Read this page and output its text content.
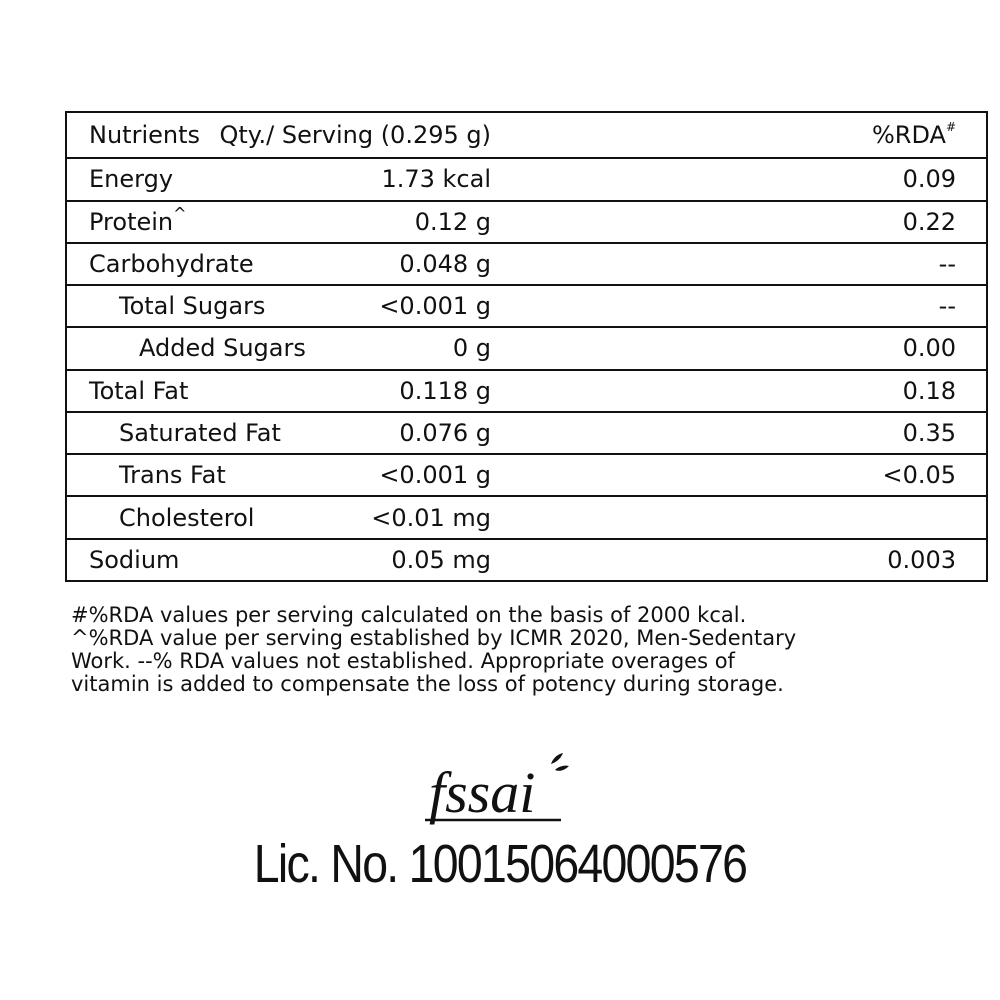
Nutrients	Qty./ Serving (0.295 g)	%RDA#
Energy	1.73 kcal	0.09
Protein^	0.12 g	0.22
Carbohydrate	0.048 g	--
Total Sugars	<0.001 g	--
Added Sugars	0 g	0.00
Total Fat	0.118 g	0.18
Saturated Fat	0.076 g	0.35
Trans Fat	<0.001 g	<0.05
Cholesterol	<0.01 mg

Sodium	0.05 mg	0.003

#%RDA values per serving calculated on the basis of 2000 kcal.

^%RDA value per serving established by ICMR 2020, Men-Sedentary

Work. --% RDA values not established. Appropriate overages of

vitamin is added to compensate the loss of potency during storage.

fssai

Lic. No. 10015064000576
